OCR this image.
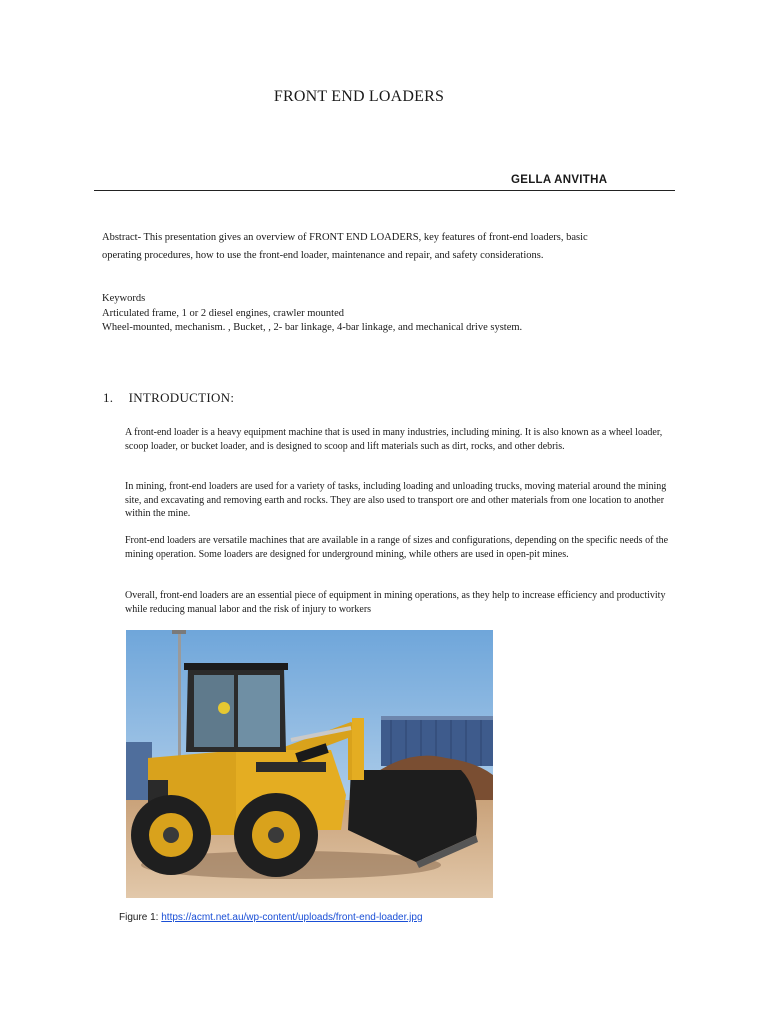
FRONT END LOADERS
GELLA ANVITHA

Abstract- This presentation gives an overview of FRONT END LOADERS, key features of front-end loaders, basic operating procedures, how to use the front-end loader, maintenance and repair, and safety considerations.

Keywords
Articulated frame, 1 or 2 diesel engines, crawler mounted
Wheel-mounted, mechanism. , Bucket, , 2- bar linkage, 4-bar linkage, and mechanical drive system.
1. INTRODUCTION:

A front-end loader is a heavy equipment machine that is used in many industries, including mining. It is also known as a wheel loader, scoop loader, or bucket loader, and is designed to scoop and lift materials such as dirt, rocks, and other debris.

In mining, front-end loaders are used for a variety of tasks, including loading and unloading trucks, moving material around the mining site, and excavating and removing earth and rocks. They are also used to transport ore and other materials from one location to another within the mine.

Front-end loaders are versatile machines that are available in a range of sizes and configurations, depending on the specific needs of the mining operation. Some loaders are designed for underground mining, while others are used in open-pit mines.

Overall, front-end loaders are an essential piece of equipment in mining operations, as they help to increase efficiency and productivity while reducing manual labor and the risk of injury to workers

Figure 1: https://acmt.net.au/wp-content/uploads/front-end-loader.jpg
